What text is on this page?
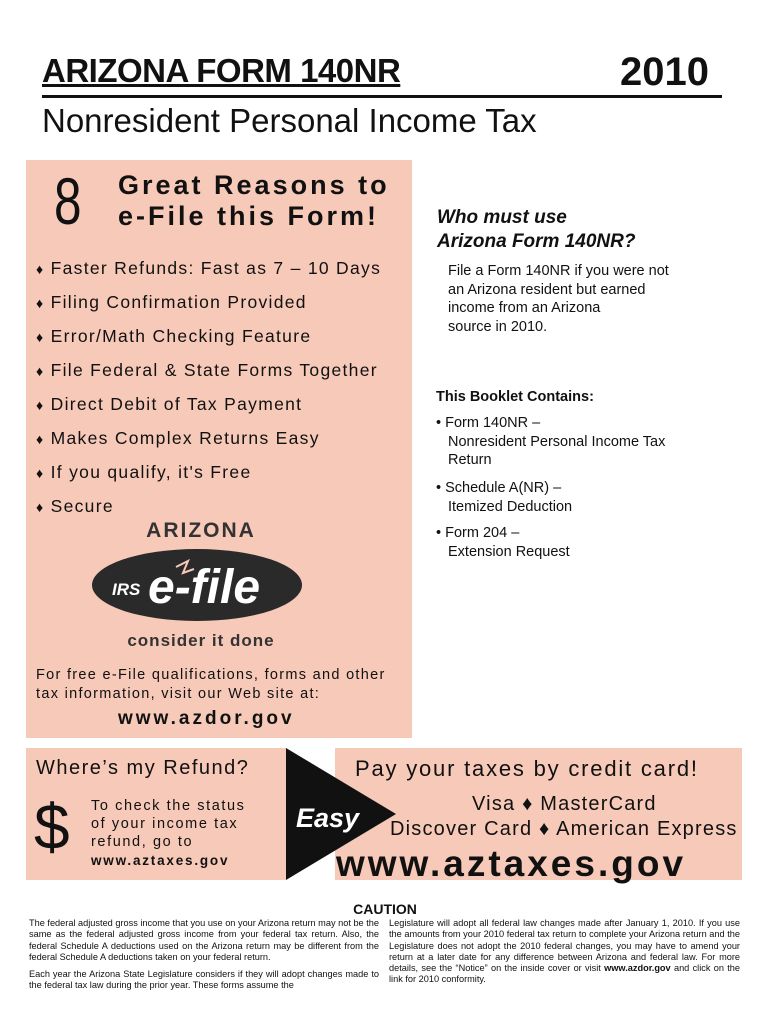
ARIZONA FORM 140NR	2010
Nonresident Personal Income Tax
8 Great Reasons to
e-File this Form!
♦ Faster Refunds: Fast as 7 – 10 Days
♦ Filing Confirmation Provided
♦ Error/Math Checking Feature
♦ File Federal & State Forms Together
♦ Direct Debit of Tax Payment
♦ Makes Complex Returns Easy
♦ If you qualify, it's Free
♦ Secure
ARIZONA
IRS e-file
consider it done
For free e-File qualifications, forms and other
tax information, visit our Web site at:
www.azdor.gov
Who must use
Arizona Form 140NR?
File a Form 140NR if you were not
an Arizona resident but earned
income from an Arizona
source in 2010.
This Booklet Contains:
• Form 140NR –
Nonresident Personal Income Tax
Return
• Schedule A(NR) –
Itemized Deduction
• Form 204 –
Extension Request
Where’s my Refund?
$ To check the status
of your income tax
refund, go to
www.aztaxes.gov
Easy
Pay your taxes by credit card!
Visa ♦ MasterCard
Discover Card ♦ American Express
www.aztaxes.gov
CAUTION

The federal adjusted gross income that you use on your Arizona return may not be the same as the federal adjusted gross income from your federal tax return. Also, the federal Schedule A deductions used on the Arizona return may be different from the federal Schedule A deductions taken on your federal return.

Each year the Arizona State Legislature considers if they will adopt changes made to the federal tax law during the prior year. These forms assume the

Legislature will adopt all federal law changes made after January 1, 2010. If you use the amounts from your 2010 federal tax return to complete your Arizona return and the Legislature does not adopt the 2010 federal changes, you may have to amend your return at a later date for any difference between Arizona and federal law. For more details, see the “Notice” on the inside cover or visit www.azdor.gov and click on the link for 2010 conformity.
